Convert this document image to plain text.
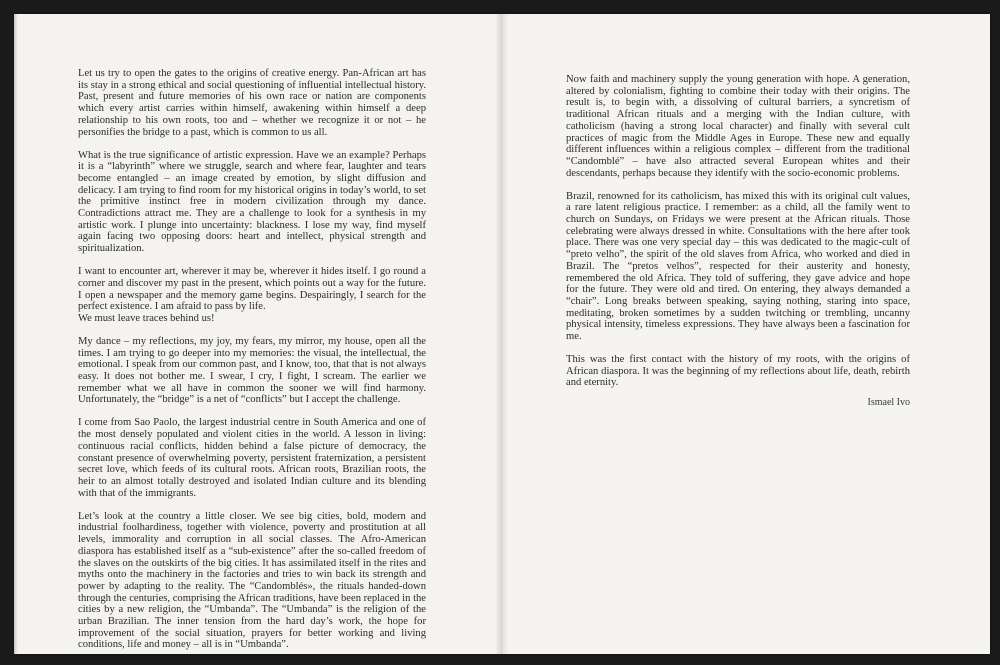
Let us try to open the gates to the origins of creative energy. Pan-African art has its stay in a strong ethical and social questioning of influential intellectual history. Past, present and future memories of his own race or nation are components which every artist carries within himself, awakening within himself a deep relationship to his own roots, too and – whether we recognize it or not – he personifies the bridge to a past, which is common to us all.

What is the true significance of artistic expression. Have we an example? Perhaps it is a “labyrinth” where we struggle, search and where fear, laughter and tears become entangled – an image created by emotion, by slight diffusion and delicacy. I am trying to find room for my historical origins in today’s world, to set the primitive instinct free in modern civilization through my dance. Contradictions attract me. They are a challenge to look for a synthesis in my artistic work. I plunge into uncertainty: blackness. I lose my way, find myself again facing two opposing doors: heart and intellect, physical strength and spiritualization.

I want to encounter art, wherever it may be, wherever it hides itself. I go round a corner and discover my past in the present, which points out a way for the future. I open a newspaper and the memory game begins. Despairingly, I search for the perfect existence. I am afraid to pass by life.
We must leave traces behind us!

My dance – my reflections, my joy, my fears, my mirror, my house, open all the times. I am trying to go deeper into my memories: the visual, the intellectual, the emotional. I speak from our common past, and I know, too, that that is not always easy. It does not bother me. I swear, I cry, I fight, I scream. The earlier we remember what we all have in common the sooner we will find harmony. Unfortunately, the “bridge” is a net of “conflicts” but I accept the challenge.

I come from Sao Paolo, the largest industrial centre in South America and one of the most densely populated and violent cities in the world. A lesson in living: continuous racial conflicts, hidden behind a false picture of democracy, the constant presence of overwhelming poverty, persistent fraternization, a persistent secret love, which feeds of its cultural roots. African roots, Brazilian roots, the heir to an almost totally destroyed and isolated Indian culture and its blending with that of the immigrants.

Let’s look at the country a little closer. We see big cities, bold, modern and industrial foolhardiness, together with violence, poverty and prostitution at all levels, immorality and corruption in all social classes. The Afro-American diaspora has established itself as a “sub-existence” after the so-called freedom of the slaves on the outskirts of the big cities. It has assimilated itself in the rites and myths onto the machinery in the factories and tries to win back its strength and power by adapting to the reality. The “Candomblés», the rituals handed-down through the centuries, comprising the African traditions, have been replaced in the cities by a new religion, the “Umbanda”. The “Umbanda” is the religion of the urban Brazilian. The inner tension from the hard day’s work, the hope for improvement of the social situation, prayers for better working and living conditions, life and money – all is in “Umbanda”.

Now faith and machinery supply the young generation with hope. A generation, altered by colonialism, fighting to combine their today with their origins. The result is, to begin with, a dissolving of cultural barriers, a syncretism of traditional African rituals and a merging with the Indian culture, with catholicism (having a strong local character) and finally with several cult practices of magic from the Middle Ages in Europe. These new and equally different influences within a religious complex – different from the traditional “Candomblé” – have also attracted several European whites and their descendants, perhaps because they identify with the socio-economic problems.

Brazil, renowned for its catholicism, has mixed this with its original cult values, a rare latent religious practice. I remember: as a child, all the family went to church on Sundays, on Fridays we were present at the African rituals. Those celebrating were always dressed in white. Consultations with the here after took place. There was one very special day – this was dedicated to the magic-cult of “preto velho”, the spirit of the old slaves from Africa, who worked and died in Brazil. The “pretos velhos”, respected for their austerity and honesty, remembered the old Africa. They told of suffering, they gave advice and hope for the future. They were old and tired. On entering, they always demanded a “chair”. Long breaks between speaking, saying nothing, staring into space, meditating, broken sometimes by a sudden twitching or trembling, uncanny physical intensity, timeless expressions. They have always been a fascination for me.

This was the first contact with the history of my roots, with the origins of African diaspora. It was the beginning of my reflections about life, death, rebirth and eternity.

Ismael Ivo
